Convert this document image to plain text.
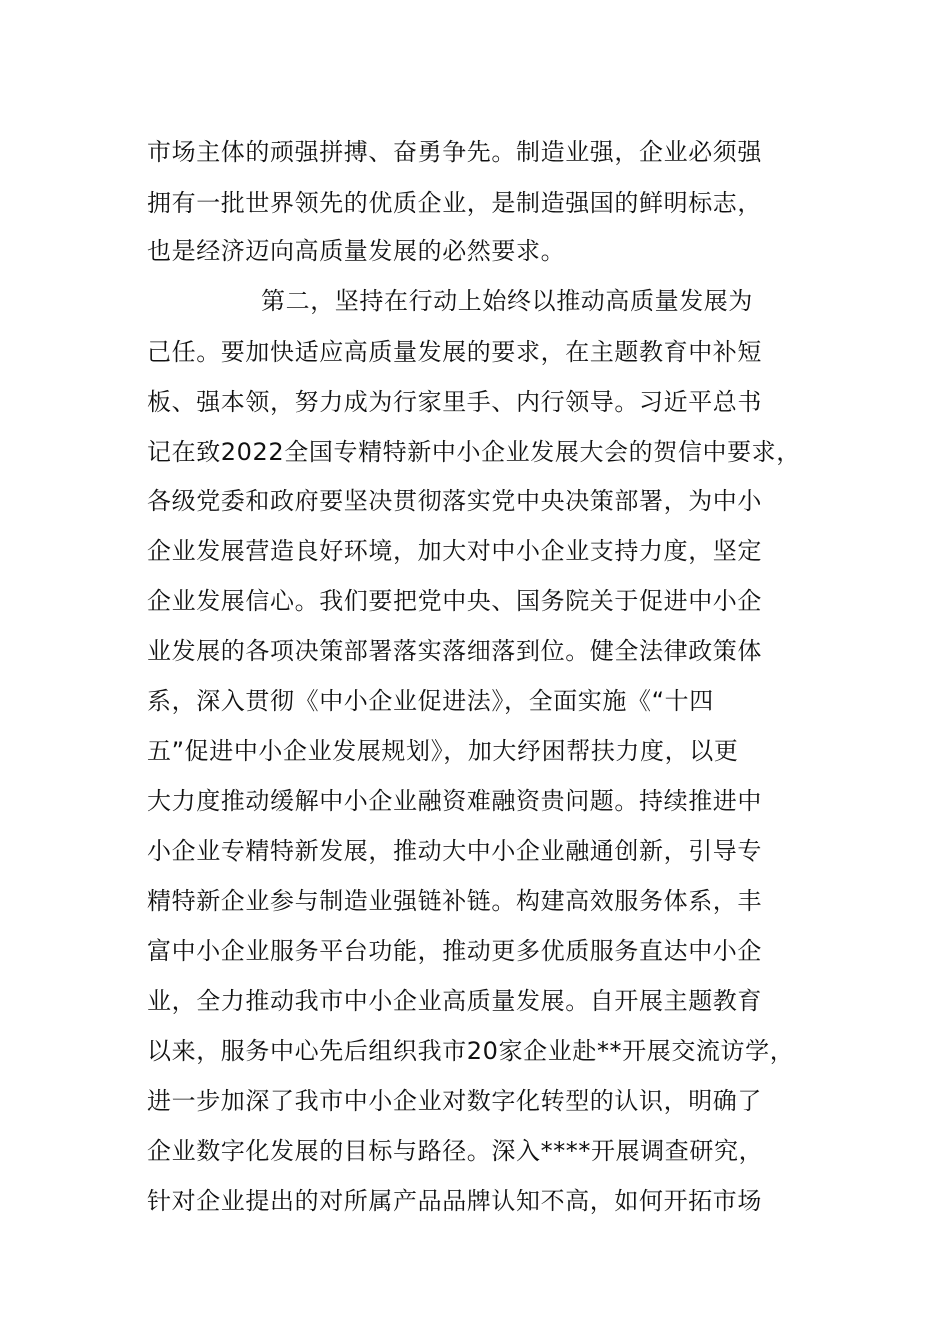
市场主体的顽强拼搏、奋勇争先。制造业强，企业必须强
拥有一批世界领先的优质企业，是制造强国的鲜明标志，
也是经济迈向高质量发展的必然要求。
第二，坚持在行动上始终以推动高质量发展为
己任。要加快适应高质量发展的要求，在主题教育中补短
板、强本领，努力成为行家里手、内行领导。习近平总书
记在致2022全国专精特新中小企业发展大会的贺信中要求，
各级党委和政府要坚决贯彻落实党中央决策部署，为中小
企业发展营造良好环境，加大对中小企业支持力度，坚定
企业发展信心。我们要把党中央、国务院关于促进中小企
业发展的各项决策部署落实落细落到位。健全法律政策体
系，深入贯彻《中小企业促进法》，全面实施《“十四
五”促进中小企业发展规划》，加大纾困帮扶力度，以更
大力度推动缓解中小企业融资难融资贵问题。持续推进中
小企业专精特新发展，推动大中小企业融通创新，引导专
精特新企业参与制造业强链补链。构建高效服务体系，丰
富中小企业服务平台功能，推动更多优质服务直达中小企
业，全力推动我市中小企业高质量发展。自开展主题教育
以来，服务中心先后组织我市20家企业赴**开展交流访学，
进一步加深了我市中小企业对数字化转型的认识，明确了
企业数字化发展的目标与路径。深入****开展调查研究，
针对企业提出的对所属产品品牌认知不高，如何开拓市场
